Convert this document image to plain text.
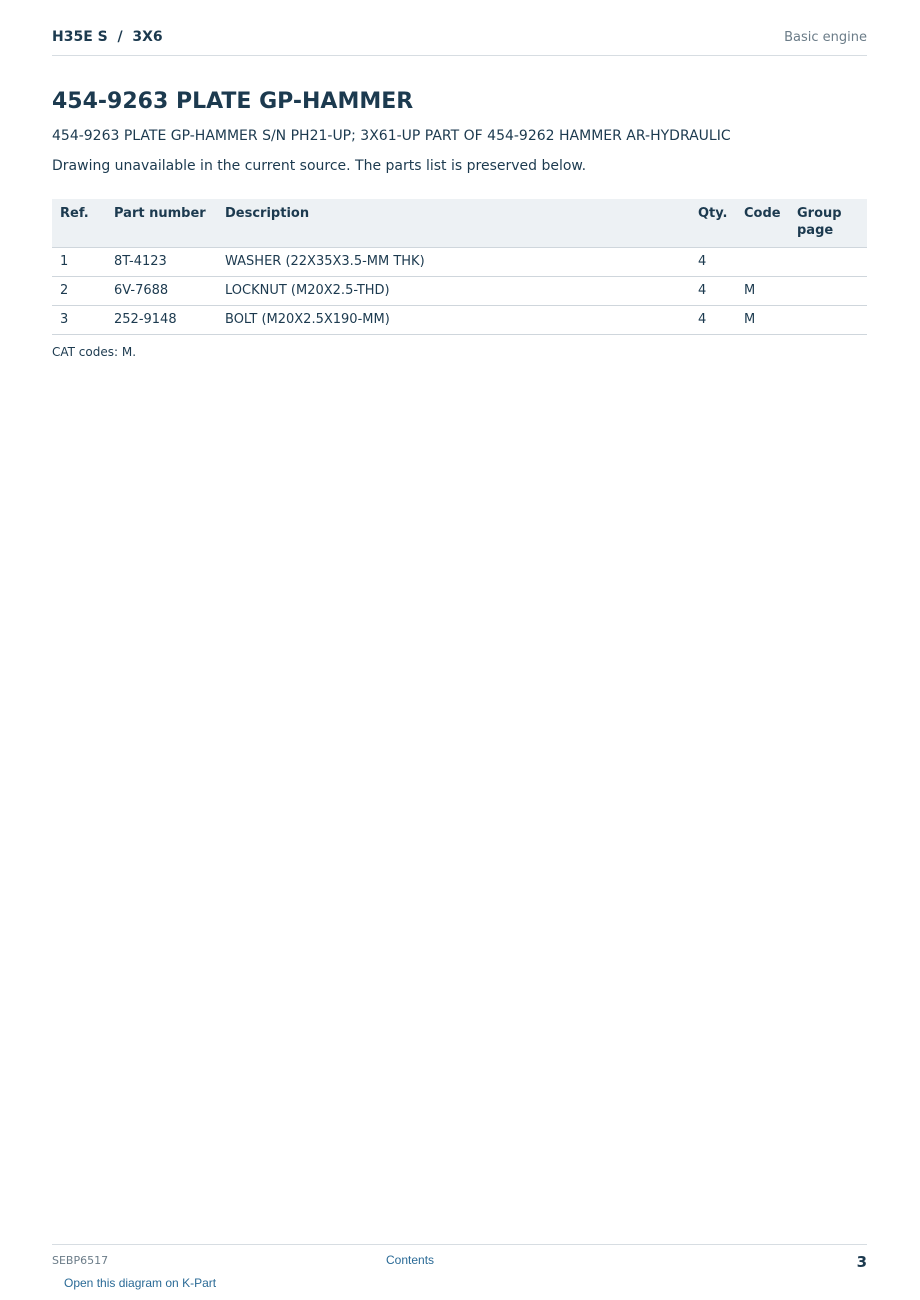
H35E S  /  3X6	Basic engine
454-9263 PLATE GP-HAMMER
454-9263 PLATE GP-HAMMER S/N PH21-UP; 3X61-UP PART OF 454-9262 HAMMER AR-HYDRAULIC
Drawing unavailable in the current source. The parts list is preserved below.
Ref.	Part number	Description	Qty.	Code	Group page
1	8T-4123	WASHER (22X35X3.5-MM THK)	4		
2	6V-7688	LOCKNUT (M20X2.5-THD)	4	M	
3	252-9148	BOLT (M20X2.5X190-MM)	4	M	
CAT codes: M.
SEBP6517	Contents	3
Open this diagram on K-Part
